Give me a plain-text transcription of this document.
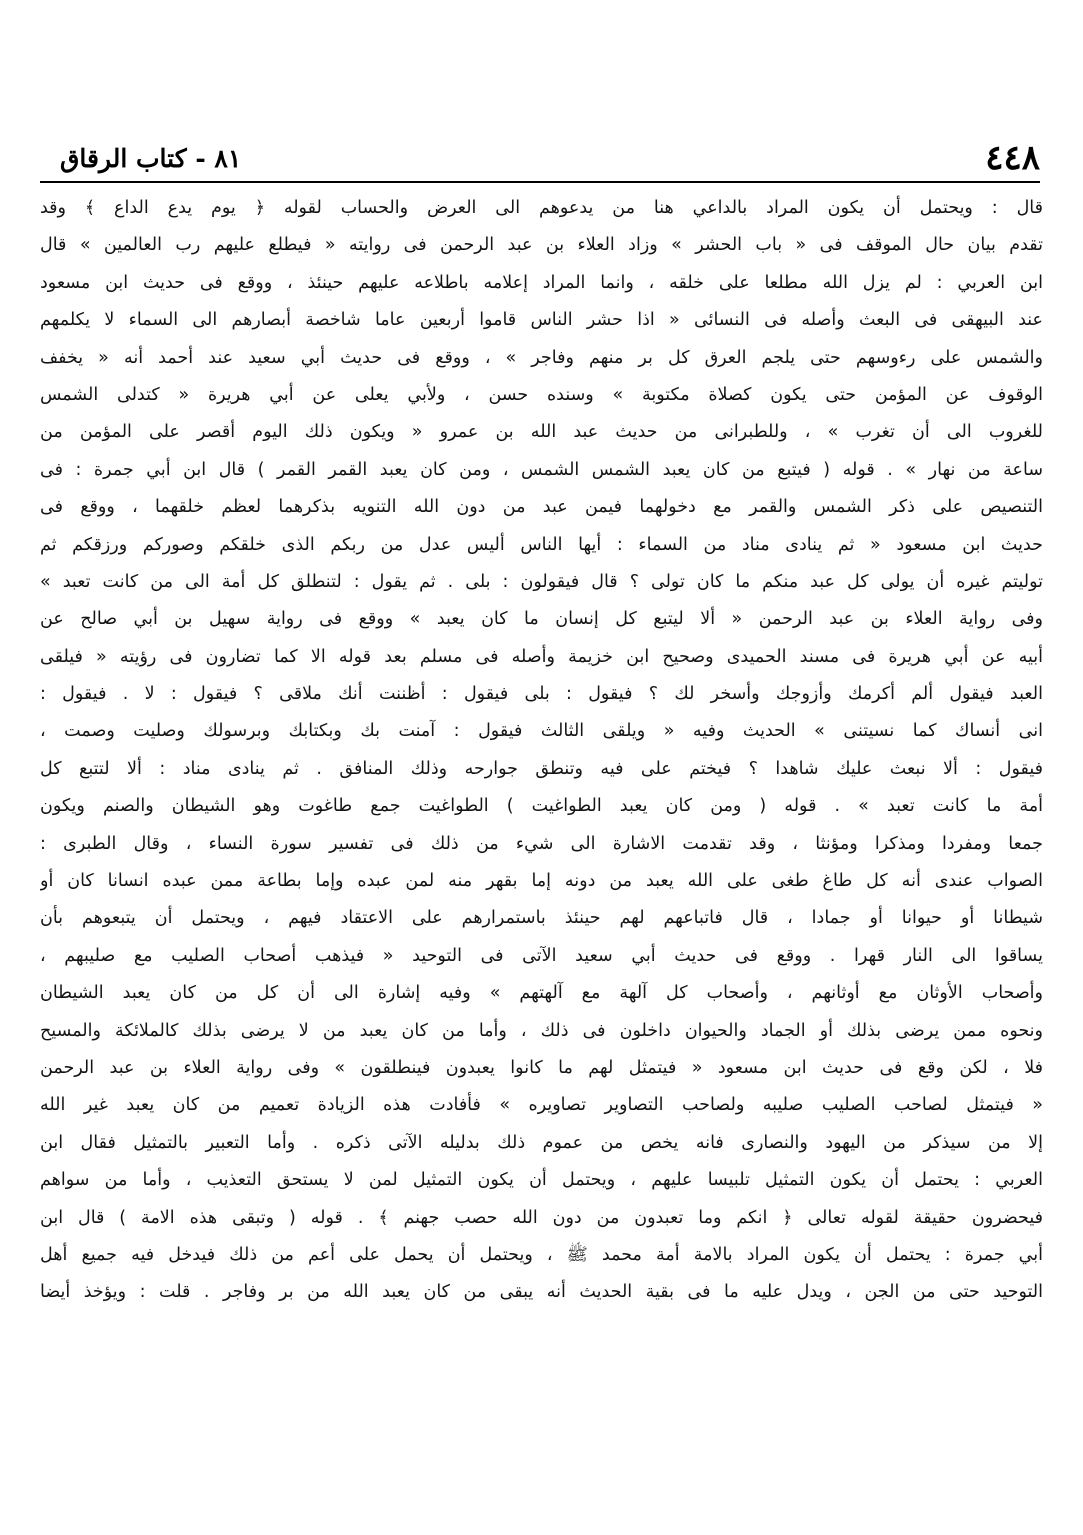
٤٤٨
٨١ - كتاب الرقاق
قال : ويحتمل أن يكون المراد بالداعي هنا من يدعوهم الى العرض والحساب لقوله ﴿ يوم يدع الداع ﴾ وقد
تقدم بيان حال الموقف فى « باب الحشر » وزاد العلاء بن عبد الرحمن فى روايته « فيطلع عليهم رب العالمين » قال
ابن العربي : لم يزل الله مطلعا على خلقه ، وانما المراد إعلامه باطلاعه عليهم حينئذ ، ووقع فى حديث ابن مسعود
عند البيهقى فى البعث وأصله فى النسائى « اذا حشر الناس قاموا أربعين عاما شاخصة أبصارهم الى السماء لا يكلمهم
والشمس على رءوسهم حتى يلجم العرق كل بر منهم وفاجر » ، ووقع فى حديث أبي سعيد عند أحمد أنه « يخفف
الوقوف عن المؤمن حتى يكون كصلاة مكتوبة » وسنده حسن ، ولأبي يعلى عن أبي هريرة « كتدلى الشمس
للغروب الى أن تغرب » ، وللطبرانى من حديث عبد الله بن عمرو « ويكون ذلك اليوم أقصر على المؤمن من
ساعة من نهار » . قوله ( فيتبع من كان يعبد الشمس الشمس ، ومن كان يعبد القمر القمر ) قال ابن أبي جمرة : فى
التنصيص على ذكر الشمس والقمر مع دخولهما فيمن عبد من دون الله التنويه بذكرهما لعظم خلقهما ، ووقع فى
حديث ابن مسعود « ثم ينادى مناد من السماء : أيها الناس أليس عدل من ربكم الذى خلقكم وصوركم ورزقكم ثم
توليتم غيره أن يولى كل عبد منكم ما كان تولى ؟ قال فيقولون : بلى . ثم يقول : لتنطلق كل أمة الى من كانت تعبد »
وفى رواية العلاء بن عبد الرحمن « ألا ليتبع كل إنسان ما كان يعبد » ووقع فى رواية سهيل بن أبي صالح عن
أبيه عن أبي هريرة فى مسند الحميدى وصحيح ابن خزيمة وأصله فى مسلم بعد قوله الا كما تضارون فى رؤيته « فيلقى
العبد فيقول ألم أكرمك وأزوجك وأسخر لك ؟ فيقول : بلى فيقول : أظننت أنك ملاقى ؟ فيقول : لا . فيقول :
انى أنساك كما نسيتنى » الحديث وفيه « ويلقى الثالث فيقول : آمنت بك وبكتابك وبرسولك وصليت وصمت ،
فيقول : ألا نبعث عليك شاهدا ؟ فيختم على فيه وتنطق جوارحه وذلك المنافق . ثم ينادى مناد : ألا لتتبع كل
أمة ما كانت تعبد » . قوله ( ومن كان يعبد الطواغيت ) الطواغيت جمع طاغوت وهو الشيطان والصنم ويكون
جمعا ومفردا ومذكرا ومؤنثا ، وقد تقدمت الاشارة الى شيء من ذلك فى تفسير سورة النساء ، وقال الطبرى :
الصواب عندى أنه كل طاغ طغى على الله يعبد من دونه إما بقهر منه لمن عبده وإما بطاعة ممن عبده انسانا كان أو
شيطانا أو حيوانا أو جمادا ، قال فاتباعهم لهم حينئذ باستمرارهم على الاعتقاد فيهم ، ويحتمل أن يتبعوهم بأن
يساقوا الى النار قهرا . ووقع فى حديث أبي سعيد الآتى فى التوحيد « فيذهب أصحاب الصليب مع صليبهم ،
وأصحاب الأوثان مع أوثانهم ، وأصحاب كل آلهة مع آلهتهم » وفيه إشارة الى أن كل من كان يعبد الشيطان
ونحوه ممن يرضى بذلك أو الجماد والحيوان داخلون فى ذلك ، وأما من كان يعبد من لا يرضى بذلك كالملائكة والمسيح
فلا ، لكن وقع فى حديث ابن مسعود « فيتمثل لهم ما كانوا يعبدون فينطلقون » وفى رواية العلاء بن عبد الرحمن
« فيتمثل لصاحب الصليب صليبه ولصاحب التصاوير تصاويره » فأفادت هذه الزيادة تعميم من كان يعبد غير الله
إلا من سيذكر من اليهود والنصارى فانه يخص من عموم ذلك بدليله الآتى ذكره . وأما التعبير بالتمثيل فقال ابن
العربي : يحتمل أن يكون التمثيل تلبيسا عليهم ، ويحتمل أن يكون التمثيل لمن لا يستحق التعذيب ، وأما من سواهم
فيحضرون حقيقة لقوله تعالى ﴿ انكم وما تعبدون من دون الله حصب جهنم ﴾ . قوله ( وتبقى هذه الامة ) قال ابن
أبي جمرة : يحتمل أن يكون المراد بالامة أمة محمد ﷺ ، ويحتمل أن يحمل على أعم من ذلك فيدخل فيه جميع أهل
التوحيد حتى من الجن ، ويدل عليه ما فى بقية الحديث أنه يبقى من كان يعبد الله من بر وفاجر . قلت : ويؤخذ أيضا
